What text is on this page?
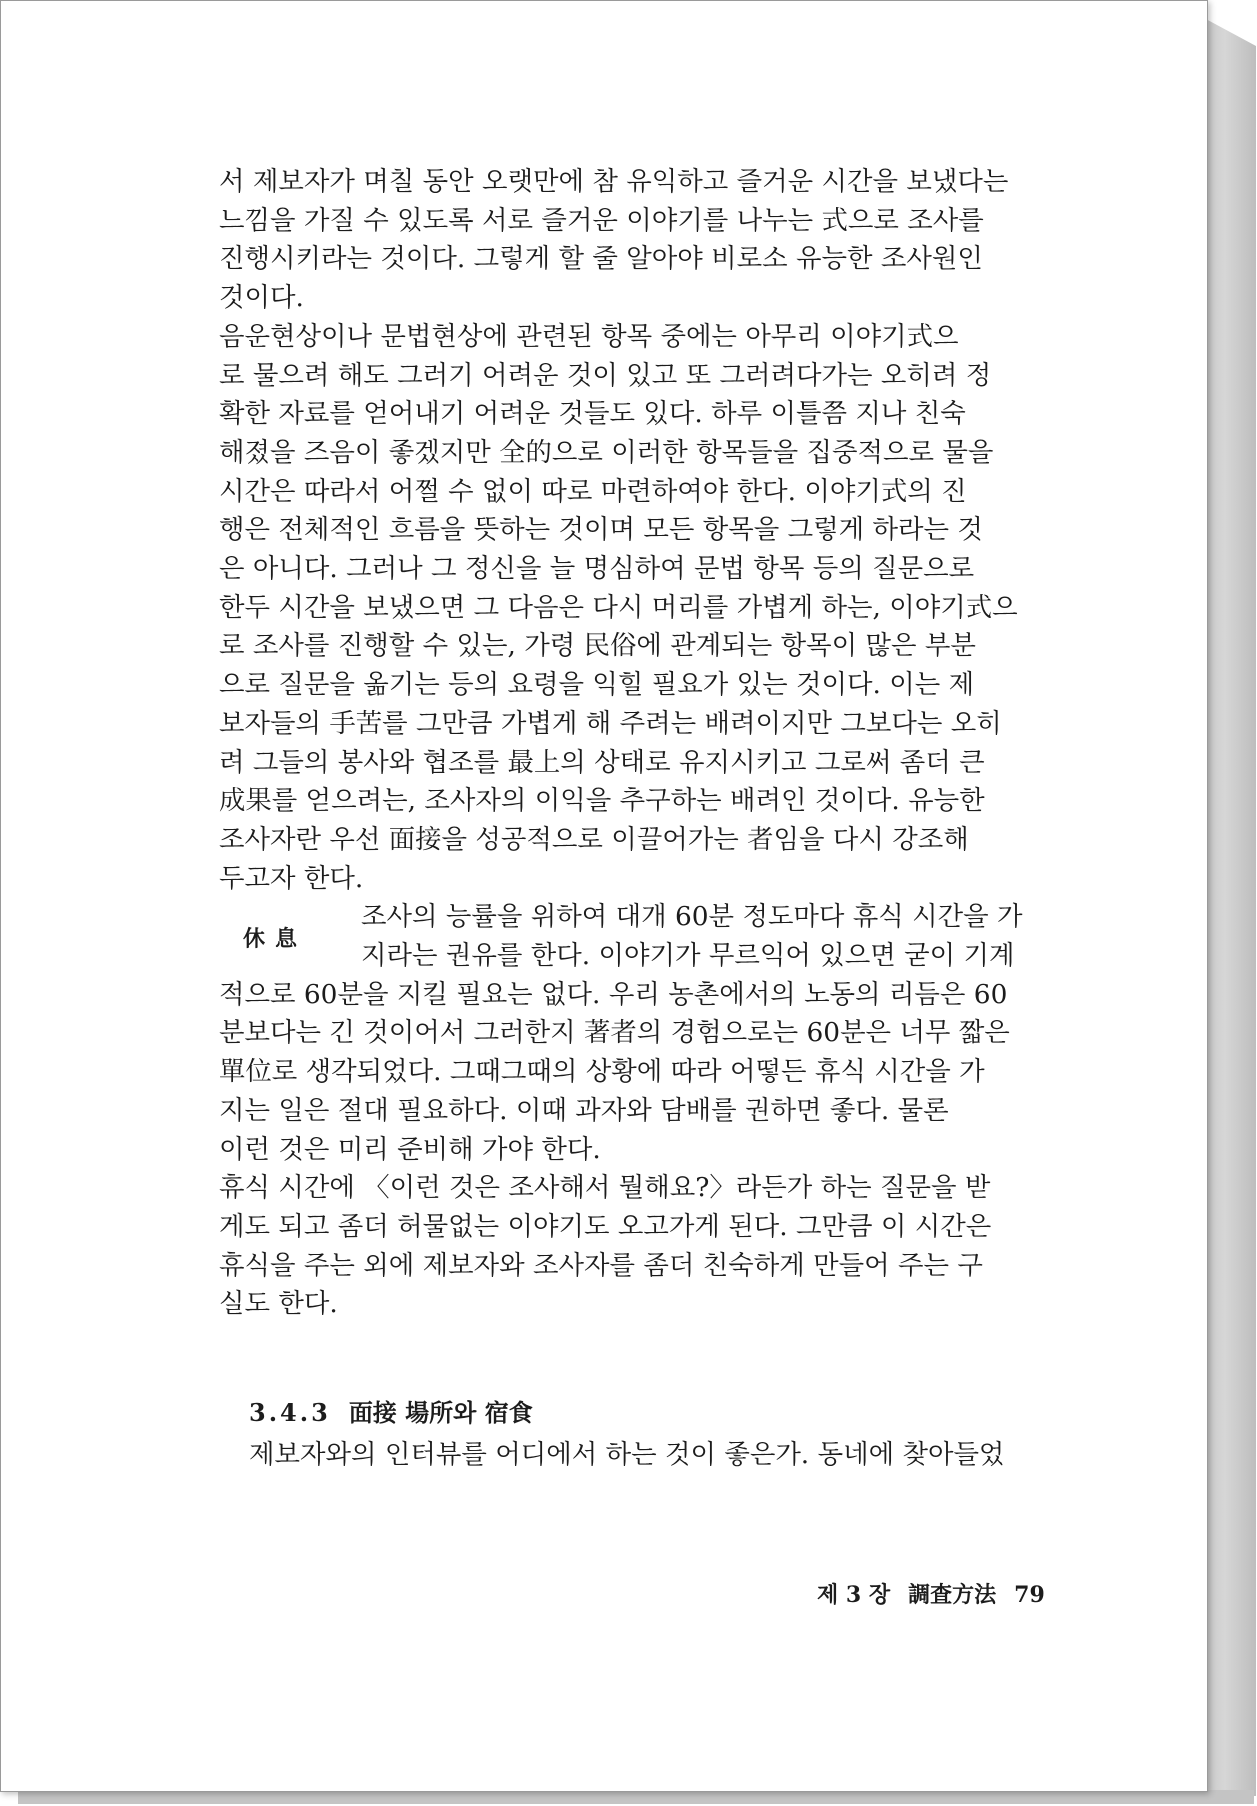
서 제보자가 며칠 동안 오랫만에 참 유익하고 즐거운 시간을 보냈다는
느낌을 가질 수 있도록 서로 즐거운 이야기를 나누는 式으로 조사를
진행시키라는 것이다. 그렇게 할 줄 알아야 비로소 유능한 조사원인
것이다.

음운현상이나 문법현상에 관련된 항목 중에는 아무리 이야기式으
로 물으려 해도 그러기 어려운 것이 있고 또 그러려다가는 오히려 정
확한 자료를 얻어내기 어려운 것들도 있다. 하루 이틀쯤 지나 친숙
해졌을 즈음이 좋겠지만 全的으로 이러한 항목들을 집중적으로 물을
시간은 따라서 어쩔 수 없이 따로 마련하여야 한다. 이야기式의 진
행은 전체적인 흐름을 뜻하는 것이며 모든 항목을 그렇게 하라는 것
은 아니다. 그러나 그 정신을 늘 명심하여 문법 항목 등의 질문으로
한두 시간을 보냈으면 그 다음은 다시 머리를 가볍게 하는, 이야기式으
로 조사를 진행할 수 있는, 가령 民俗에 관계되는 항목이 많은 부분
으로 질문을 옮기는 등의 요령을 익힐 필요가 있는 것이다. 이는 제
보자들의 手苦를 그만큼 가볍게 해 주려는 배려이지만 그보다는 오히
려 그들의 봉사와 협조를 最上의 상태로 유지시키고 그로써 좀더 큰
成果를 얻으려는, 조사자의 이익을 추구하는 배려인 것이다. 유능한
조사자란 우선 面接을 성공적으로 이끌어가는 者임을 다시 강조해
두고자 한다.

休息

조사의 능률을 위하여 대개 60분 정도마다 휴식 시간을 가
지라는 권유를 한다. 이야기가 무르익어 있으면 굳이 기계

적으로 60분을 지킬 필요는 없다. 우리 농촌에서의 노동의 리듬은 60
분보다는 긴 것이어서 그러한지 著者의 경험으로는 60분은 너무 짧은
單位로 생각되었다. 그때그때의 상황에 따라 어떻든 휴식 시간을 가
지는 일은 절대 필요하다. 이때 과자와 담배를 권하면 좋다. 물론
이런 것은 미리 준비해 가야 한다.

휴식 시간에 〈이런 것은 조사해서 뭘해요?〉라든가 하는 질문을 받
게도 되고 좀더 허물없는 이야기도 오고가게 된다. 그만큼 이 시간은
휴식을 주는 외에 제보자와 조사자를 좀더 친숙하게 만들어 주는 구
실도 한다.

3.4.3 面接 場所와 宿食

제보자와의 인터뷰를 어디에서 하는 것이 좋은가. 동네에 찾아들었

제 3 장 調査方法 79
